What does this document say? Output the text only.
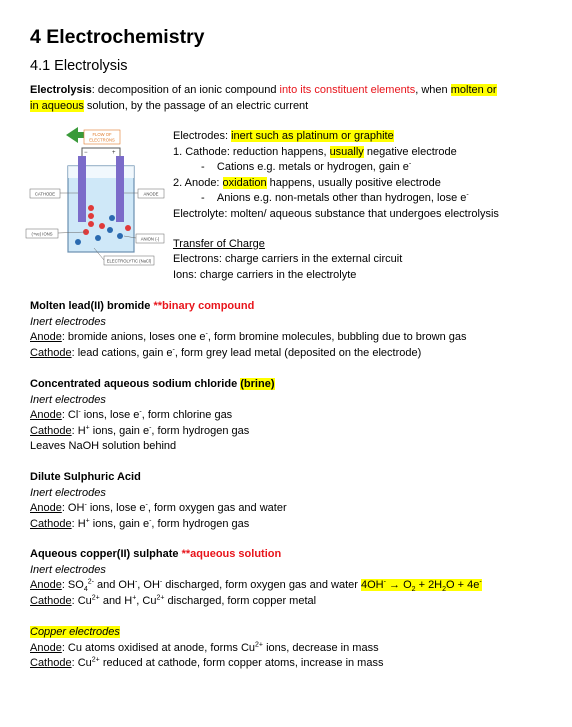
4 Electrochemistry
4.1 Electrolysis
Electrolysis: decomposition of an ionic compound into its constituent elements, when molten or
in aqueous solution, by the passage of an electric current
FLOW OF
ELECTRONS
−	+
CATHODE	ANODE
(+ve) IONS
ANION (-)
ELECTROLYTIC (NaCl)
Electrodes: inert such as platinum or graphite
1. Cathode: reduction happens, usually negative electrode
-    Cations e.g. metals or hydrogen, gain e-
2. Anode: oxidation happens, usually positive electrode
-    Anions e.g. non-metals other than hydrogen, lose e-
Electrolyte: molten/ aqueous substance that undergoes electrolysis
Transfer of Charge
Electrons: charge carriers in the external circuit
Ions: charge carriers in the electrolyte
Molten lead(II) bromide **binary compound
Inert electrodes
Anode: bromide anions, loses one e-, form bromine molecules, bubbling due to brown gas
Cathode: lead cations, gain e-, form grey lead metal (deposited on the electrode)
Concentrated aqueous sodium chloride (brine)
Inert electrodes
Anode: Cl- ions, lose e-, form chlorine gas
Cathode: H+ ions, gain e-, form hydrogen gas
Leaves NaOH solution behind
Dilute Sulphuric Acid
Inert electrodes
Anode: OH- ions, lose e-, form oxygen gas and water
Cathode: H+ ions, gain e-, form hydrogen gas
Aqueous copper(II) sulphate **aqueous solution
Inert electrodes
Anode: $SO_4^{2-}$ and OH-, OH- discharged, form oxygen gas and water $4OH^- \to O_2 + 2H_2O + 4e^-$
Cathode: $Cu^{2+}$ and H+, $Cu^{2+}$ discharged, form copper metal
Copper electrodes
Anode: Cu atoms oxidised at anode, forms $Cu^{2+}$ ions, decrease in mass
Cathode: $Cu^{2+}$ reduced at cathode, form copper atoms, increase in mass
